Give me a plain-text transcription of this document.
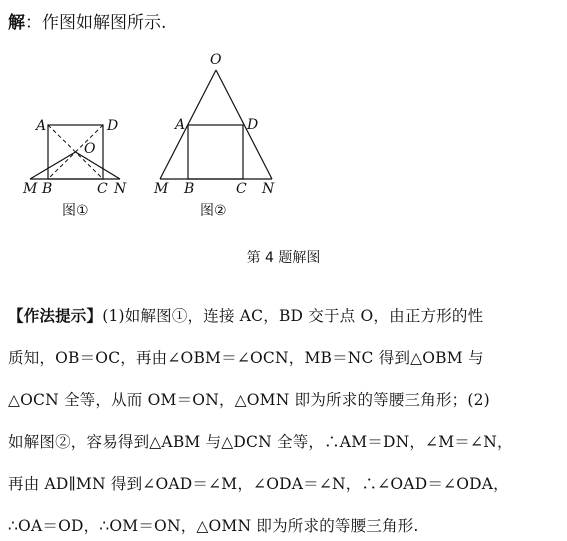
解：作图如解图所示.
A	D
O
M B	C N
图①
O
A	D
M B	C N
图②
第 4 题解图
【作法提示】(1)如解图①，连接 AC，BD 交于点 O，由正方形的性
质知，OB＝OC，再由∠OBM＝∠OCN，MB＝NC 得到△OBM 与
△OCN 全等，从而 OM＝ON，△OMN 即为所求的等腰三角形；(2)
如解图②，容易得到△ABM 与△DCN 全等，∴AM＝DN，∠M＝∠N，
再由 AD∥MN 得到∠OAD＝∠M，∠ODA＝∠N，∴∠OAD＝∠ODA，
∴OA＝OD，∴OM＝ON，△OMN 即为所求的等腰三角形.
